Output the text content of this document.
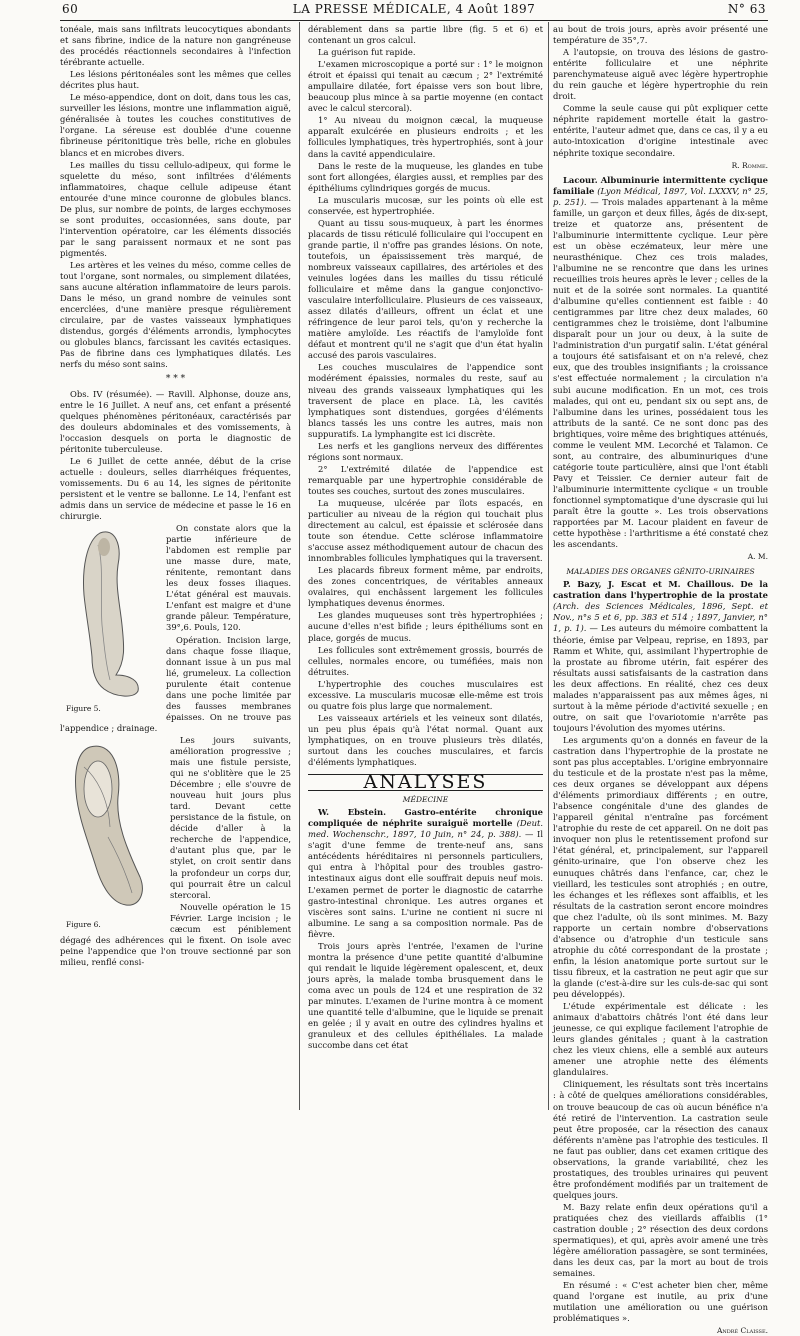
60	LA PRESSE MÉDICALE, 4 Août 1897	N° 63

tonéale, mais sans infiltrats leucocytiques abondants et sans fibrine, indice de la nature non gangréneuse des procédés réactionnels secondaires à l'infection térébrante actuelle.

Les lésions péritonéales sont les mêmes que celles décrites plus haut.

Le méso-appendice, dont on doit, dans tous les cas, surveiller les lésions, montre une inflammation aiguë, généralisée à toutes les couches constitutives de l'organe. La séreuse est doublée d'une couenne fibrineuse péritonitique très belle, riche en globules blancs et en microbes divers.

Les mailles du tissu cellulo-adipeux, qui forme le squelette du méso, sont infiltrées d'éléments inflammatoires, chaque cellule adipeuse étant entourée d'une mince couronne de globules blancs. De plus, sur nombre de points, de larges ecchymoses se sont produites, occasionnées, sans doute, par l'intervention opératoire, car les éléments dissociés par le sang paraissent normaux et ne sont pas pigmentés.

Les artères et les veines du méso, comme celles de tout l'organe, sont normales, ou simplement dilatées, sans aucune altération inflammatoire de leurs parois. Dans le méso, un grand nombre de veinules sont encerclées, d'une manière presque régulièrement circulaire, par de vastes vaisseaux lymphatiques distendus, gorgés d'éléments arrondis, lymphocytes ou globules blancs, farcissant les cavités ectasiques. Pas de fibrine dans ces lymphatiques dilatés. Les nerfs du méso sont sains.

* * *

Obs. IV (résumée). — Ravill. Alphonse, douze ans, entre le 16 Juillet. A neuf ans, cet enfant a présenté quelques phénomènes péritonéaux, caractérisés par des douleurs abdominales et des vomissements, à l'occasion desquels on porta le diagnostic de péritonite tuberculeuse.

Le 6 Juillet de cette année, début de la crise actuelle : douleurs, selles diarrhéiques fréquentes, vomissements. Du 6 au 14, les signes de péritonite persistent et le ventre se ballonne. Le 14, l'enfant est admis dans un service de médecine et passe le 16 en chirurgie.

Figure 5.

On constate alors que la partie inférieure de l'abdomen est remplie par une masse dure, mate, rénitente, remontant dans les deux fosses iliaques. L'état général est mauvais. L'enfant est maigre et d'une grande pâleur. Température, 39°,6. Pouls, 120.

Opération. Incision large, dans chaque fosse iliaque, donnant issue à un pus mal lié, grumeleux. La collection purulente était contenue dans une poche limitée par des fausses membranes épaisses. On ne trouve pas l'appendice ; drainage.

Figure 6.

Les jours suivants, amélioration progressive ; mais une fistule persiste, qui ne s'oblitère que le 25 Décembre ; elle s'ouvre de nouveau huit jours plus tard. Devant cette persistance de la fistule, on décide d'aller à la recherche de l'appendice, d'autant plus que, par le stylet, on croit sentir dans la profondeur un corps dur, qui pourrait être un calcul stercoral.

Nouvelle opération le 15 Février. Large incision ; le cæcum est péniblement dégagé des adhérences qui le fixent. On isole avec peine l'appendice que l'on trouve sectionné par son milieu, renflé consi-

dérablement dans sa partie libre (fig. 5 et 6) et contenant un gros calcul.

La guérison fut rapide.

L'examen microscopique a porté sur : 1° le moignon étroit et épaissi qui tenait au cæcum ; 2° l'extrémité ampullaire dilatée, fort épaisse vers son bout libre, beaucoup plus mince à sa partie moyenne (en contact avec le calcul stercoral).

1° Au niveau du moignon cæcal, la muqueuse apparaît exulcérée en plusieurs endroits ; et les follicules lymphatiques, très hypertrophiés, sont à jour dans la cavité appendiculaire.

Dans le reste de la muqueuse, les glandes en tube sont fort allongées, élargies aussi, et remplies par des épithéliums cylindriques gorgés de mucus.

La muscularis mucosæ, sur les points où elle est conservée, est hypertrophiée.

Quant au tissu sous-muqueux, à part les énormes placards de tissu réticulé folliculaire qui l'occupent en grande partie, il n'offre pas grandes lésions. On note, toutefois, un épaississement très marqué, de nombreux vaisseaux capillaires, des artérioles et des veinules logées dans les mailles du tissu réticulé folliculaire et même dans la gangue conjonctivo-vasculaire interfolliculaire. Plusieurs de ces vaisseaux, assez dilatés d'ailleurs, offrent un éclat et une réfringence de leur paroi tels, qu'on y recherche la matière amyloïde. Les réactifs de l'amyloïde font défaut et montrent qu'il ne s'agit que d'un état hyalin accusé des parois vasculaires.

Les couches musculaires de l'appendice sont modérément épaissies, normales du reste, sauf au niveau des grands vaisseaux lymphatiques qui les traversent de place en place. Là, les cavités lymphatiques sont distendues, gorgées d'éléments blancs tassés les uns contre les autres, mais non suppuratifs. La lymphangite est ici discrète.

Les nerfs et les ganglions nerveux des différentes régions sont normaux.

2° L'extrémité dilatée de l'appendice est remarquable par une hypertrophie considérable de toutes ses couches, surtout des zones musculaires.

La muqueuse, ulcérée par îlots espacés, en particulier au niveau de la région qui touchait plus directement au calcul, est épaissie et sclérosée dans toute son étendue. Cette sclérose inflammatoire s'accuse assez méthodiquement autour de chacun des innombrables follicules lymphatiques qui la traversent.

Les placards fibreux forment même, par endroits, des zones concentriques, de véritables anneaux ovalaires, qui enchâssent largement les follicules lymphatiques devenus énormes.

Les glandes muqueuses sont très hypertrophiées ; aucune d'elles n'est bifide ; leurs épithéliums sont en place, gorgés de mucus.

Les follicules sont extrêmement grossis, bourrés de cellules, normales encore, ou tuméfiées, mais non détruites.

L'hypertrophie des couches musculaires est excessive. La muscularis mucosæ elle-même est trois ou quatre fois plus large que normalement.

Les vaisseaux artériels et les veineux sont dilatés, un peu plus épais qu'à l'état normal. Quant aux lymphatiques, on en trouve plusieurs très dilatés, surtout dans les couches musculaires, et farcis d'éléments lymphatiques.

ANALYSES
MÉDECINE

W. Ebstein. Gastro-entérite chronique compliquée de néphrite suraiguë mortelle (Deut. med. Wochenschr., 1897, 10 Juin, n° 24, p. 388). — Il s'agit d'une femme de trente-neuf ans, sans antécédents héréditaires ni personnels particuliers, qui entra à l'hôpital pour des troubles gastro-intestinaux aigus dont elle souffrait depuis neuf mois. L'examen permet de porter le diagnostic de catarrhe gastro-intestinal chronique. Les autres organes et viscères sont sains. L'urine ne contient ni sucre ni albumine. Le sang a sa composition normale. Pas de fièvre.

Trois jours après l'entrée, l'examen de l'urine montra la présence d'une petite quantité d'albumine qui rendait le liquide légèrement opalescent, et, deux jours après, la malade tomba brusquement dans le coma avec un pouls de 124 et une respiration de 32 par minutes. L'examen de l'urine montra à ce moment une quantité telle d'albumine, que le liquide se prenait en gelée ; il y avait en outre des cylindres hyalins et granuleux et des cellules épithéliales. La malade succombe dans cet état

au bout de trois jours, après avoir présenté une température de 35°,7.

A l'autopsie, on trouva des lésions de gastro-entérite folliculaire et une néphrite parenchymateuse aiguë avec légère hypertrophie du rein gauche et légère hypertrophie du rein droit.

Comme la seule cause qui pût expliquer cette néphrite rapidement mortelle était la gastro-entérite, l'auteur admet que, dans ce cas, il y a eu auto-intoxication d'origine intestinale avec néphrite toxique secondaire.

R. Romme.

Lacour. Albuminurie intermittente cyclique familiale (Lyon Médical, 1897, Vol. LXXXV, n° 25, p. 251). — Trois malades appartenant à la même famille, un garçon et deux filles, âgés de dix-sept, treize et quatorze ans, présentent de l'albuminurie intermittente cyclique. Leur père est un obèse eczémateux, leur mère une neurasthénique. Chez ces trois malades, l'albumine ne se rencontre que dans les urines recueillies trois heures après le lever ; celles de la nuit et de la soirée sont normales. La quantité d'albumine qu'elles contiennent est faible : 40 centigrammes par litre chez deux malades, 60 centigrammes chez le troisième, dont l'albumine disparaît pour un jour ou deux, à la suite de l'administration d'un purgatif salin. L'état général a toujours été satisfaisant et on n'a relevé, chez eux, que des troubles insignifiants ; la croissance s'est effectuée normalement ; la circulation n'a subi aucune modification. En un mot, ces trois malades, qui ont eu, pendant six ou sept ans, de l'albumine dans les urines, possédaient tous les attributs de la santé. Ce ne sont donc pas des brightiques, voire même des brightiques atténués, comme le veulent MM. Lecorché et Talamon. Ce sont, au contraire, des albuminuriques d'une catégorie toute particulière, ainsi que l'ont établi Pavy et Teissier. Ce dernier auteur fait de l'albuminurie intermittente cyclique « un trouble fonctionnel symptomatique d'une dyscrasie qui lui paraît être la goutte ». Les trois observations rapportées par M. Lacour plaident en faveur de cette hypothèse : l'arthritisme a été constaté chez les ascendants.

A. M.
MALADIES DES ORGANES GÉNITO-URINAIRES

P. Bazy, J. Escat et M. Chaillous. De la castration dans l'hypertrophie de la prostate (Arch. des Sciences Médicales, 1896, Sept. et Nov., n°s 5 et 6, pp. 383 et 514 ; 1897, Janvier, n° 1, p. 1). — Les auteurs du mémoire combattent la théorie, émise par Velpeau, reprise, en 1893, par Ramm et White, qui, assimilant l'hypertrophie de la prostate au fibrome utérin, fait espérer des résultats aussi satisfaisants de la castration dans les deux affections. En réalité, chez ces deux malades n'apparaissent pas aux mêmes âges, ni surtout à la même période d'activité sexuelle ; en outre, on sait que l'ovariotomie n'arrête pas toujours l'évolution des myomes utérins.

Les arguments qu'on a donnés en faveur de la castration dans l'hypertrophie de la prostate ne sont pas plus acceptables. L'origine embryonnaire du testicule et de la prostate n'est pas la même, ces deux organes se développant aux dépens d'éléments primordiaux différents ; en outre, l'absence congénitale d'une des glandes de l'appareil génital n'entraîne pas forcément l'atrophie du reste de cet appareil. On ne doit pas invoquer non plus le retentissement profond sur l'état général, et, principalement, sur l'appareil génito-urinaire, que l'on observe chez les eunuques châtrés dans l'enfance, car, chez le vieillard, les testicules sont atrophiés ; en outre, les échanges et les réflexes sont affaiblis, et les résultats de la castration seront encore moindres que chez l'adulte, où ils sont minimes. M. Bazy rapporte un certain nombre d'observations d'absence ou d'atrophie d'un testicule sans atrophie du côté correspondant de la prostate ; enfin, la lésion anatomique porte surtout sur le tissu fibreux, et la castration ne peut agir que sur la glande (c'est-à-dire sur les culs-de-sac qui sont peu développés).

L'étude expérimentale est délicate : les animaux d'abattoirs châtrés l'ont été dans leur jeunesse, ce qui explique facilement l'atrophie de leurs glandes génitales ; quant à la castration chez les vieux chiens, elle a semblé aux auteurs amener une atrophie nette des éléments glandulaires.

Cliniquement, les résultats sont très incertains : à côté de quelques améliorations considérables, on trouve beaucoup de cas où aucun bénéfice n'a été retiré de l'intervention. La castration seule peut être proposée, car la résection des canaux déférents n'amène pas l'atrophie des testicules. Il ne faut pas oublier, dans cet examen critique des observations, la grande variabilité, chez les prostatiques, des troubles urinaires qui peuvent être profondément modifiés par un traitement de quelques jours.

M. Bazy relate enfin deux opérations qu'il a pratiquées chez des vieillards affaiblis (1° castration double ; 2° résection des deux cordons spermatiques), et qui, après avoir amené une très légère amélioration passagère, se sont terminées, dans les deux cas, par la mort au bout de trois semaines.

En résumé : « C'est acheter bien cher, même quand l'organe est inutile, au prix d'une mutilation une amélioration ou une guérison problématiques ».

André Claisse.
